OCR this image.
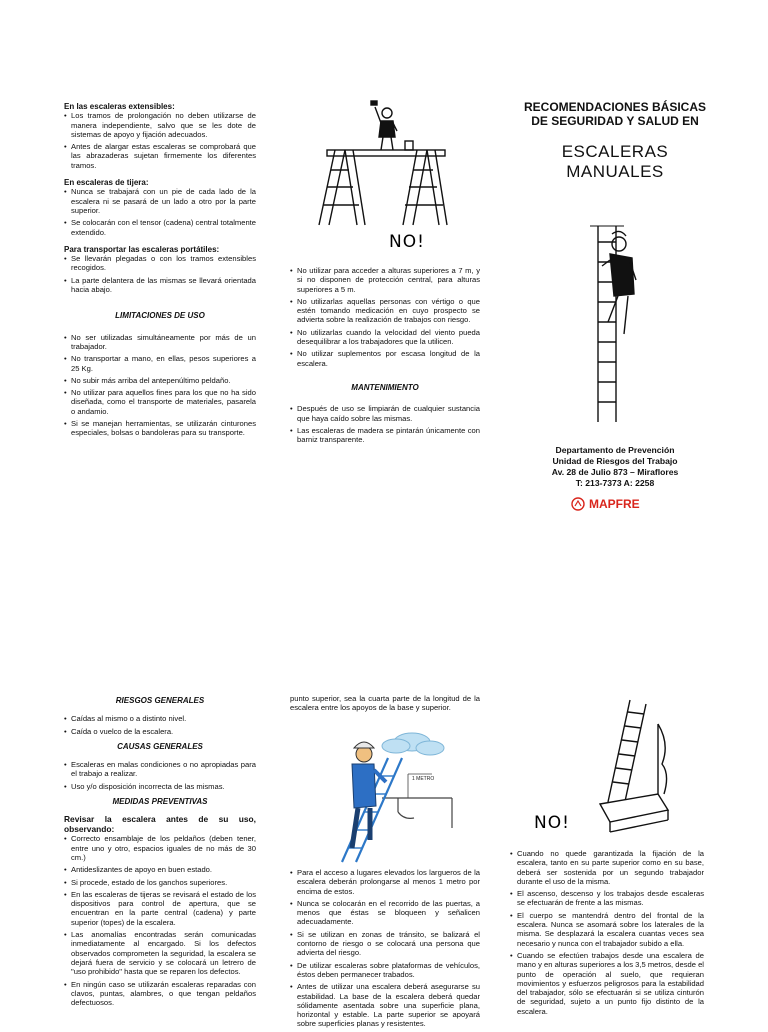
En las escaleras extensibles:

• Los tramos de prolongación no deben utilizarse de manera independiente, salvo que se les dote de sistemas de apoyo y fijación adecuados.
• Antes de alargar estas escaleras se comprobará que las abrazaderas sujetan firmemente los diferentes tramos.

En escaleras de tijera:

• Nunca se trabajará con un pie de cada lado de la escalera ni se pasará de un lado a otro por la parte superior.
• Se colocarán con el tensor (cadena) central totalmente extendido.

Para transportar las escaleras portátiles:

• Se llevarán plegadas o con los tramos extensibles recogidos.
• La parte delantera de las mismas se llevará orientada hacia abajo.

LIMITACIONES DE USO

• No ser utilizadas simultáneamente por más de un trabajador.
• No transportar a mano, en ellas, pesos superiores a 25 Kg.
• No subir más arriba del antepenúltimo peldaño.
• No utilizar para aquellos fines para los que no ha sido diseñada, como el transporte de materiales, pasarela o andamio.
• Si se manejan herramientas, se utilizarán cinturones especiales, bolsas o bandoleras para su transporte.
NO!
• No utilizar para acceder a alturas superiores a 7 m, y si no disponen de protección central, para alturas superiores a 5 m.
• No utilizarlas aquellas personas con vértigo o que estén tomando medicación en cuyo prospecto se advierta sobre la realización de trabajos con riesgo.
• No utilizarlas cuando la velocidad del viento pueda desequilibrar a los trabajadores que la utilicen.
• No utilizar suplementos por escasa longitud de la escalera.

MANTENIMIENTO

• Después de uso se limpiarán de cualquier sustancia que haya caído sobre las mismas.
• Las escaleras de madera se pintarán únicamente con barniz transparente.

RECOMENDACIONES BÁSICAS

DE SEGURIDAD Y SALUD EN

ESCALERAS

MANUALES

Departamento de Prevención

Unidad de Riesgos del Trabajo

Av. 28 de Julio 873 – Miraflores

T: 213-7373 A: 2258

MAPFRE

RIESGOS GENERALES

• Caídas al mismo o a distinto nivel.
• Caída o vuelco de la escalera.

CAUSAS GENERALES

• Escaleras en malas condiciones o no apropiadas para el trabajo a realizar.
• Uso y/o disposición incorrecta de las mismas.

MEDIDAS PREVENTIVAS

Revisar la escalera antes de su uso, observando:

• Correcto ensamblaje de los peldaños (deben tener, entre uno y otro, espacios iguales de no más de 30 cm.)
• Antideslizantes de apoyo en buen estado.
• Si procede, estado de los ganchos superiores.
• En las escaleras de tijeras se revisará el estado de los dispositivos para control de apertura, que se encuentran en la parte central (cadena) y parte superior (topes) de la escalera.
• Las anomalías encontradas serán comunicadas inmediatamente al encargado. Si los defectos observados comprometen la seguridad, la escalera se dejará fuera de servicio y se colocará un letrero de "uso prohibido" hasta que se reparen los defectos.
• En ningún caso se utilizarán escaleras reparadas con clavos, puntas, alambres, o que tengan peldaños defectuosos.

punto superior, sea la cuarta parte de la longitud de la escalera entre los apoyos de la base y superior.

1 METRO
• Para el acceso a lugares elevados los largueros de la escalera deberán prolongarse al menos 1 metro por encima de estos.
• Nunca se colocarán en el recorrido de las puertas, a menos que éstas se bloqueen y señalicen adecuadamente.
• Si se utilizan en zonas de tránsito, se balizará el contorno de riesgo o se colocará una persona que advierta del riesgo.
• De utilizar escaleras sobre plataformas de vehículos, éstos deben permanecer trabados.
• Antes de utilizar una escalera deberá asegurarse su estabilidad. La base de la escalera deberá quedar sólidamente asentada sobre una superficie plana, horizontal y estable. La parte superior se apoyará sobre superficies planas y resistentes.
NO!
• Cuando no quede garantizada la fijación de la escalera, tanto en su parte superior como en su base, deberá ser sostenida por un segundo trabajador durante el uso de la misma.
• El ascenso, descenso y los trabajos desde escaleras se efectuarán de frente a las mismas.
• El cuerpo se mantendrá dentro del frontal de la escalera. Nunca se asomará sobre los laterales de la misma. Se desplazará la escalera cuantas veces sea necesario y nunca con el trabajador subido a ella.
• Cuando se efectúen trabajos desde una escalera de mano y en alturas superiores a los 3,5 metros, desde el punto de operación al suelo, que requieran movimientos y esfuerzos peligrosos para la estabilidad del trabajador, sólo se efectuarán si se utiliza cinturón de seguridad, sujeto a un punto fijo distinto de la escalera.
